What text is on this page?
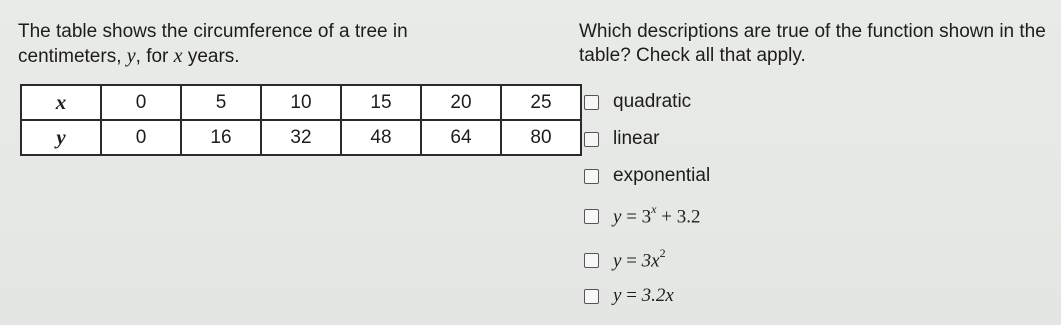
The table shows the circumference of a tree in
centimeters, y, for x years.

x	0	5	10	15	20	25
y	0	16	32	48	64	80

Which descriptions are true of the function shown in the
table? Check all that apply.

quadratic
linear
exponential
$y = 3^x + 3.2$
$y = 3x^2$
y = 3.2x
